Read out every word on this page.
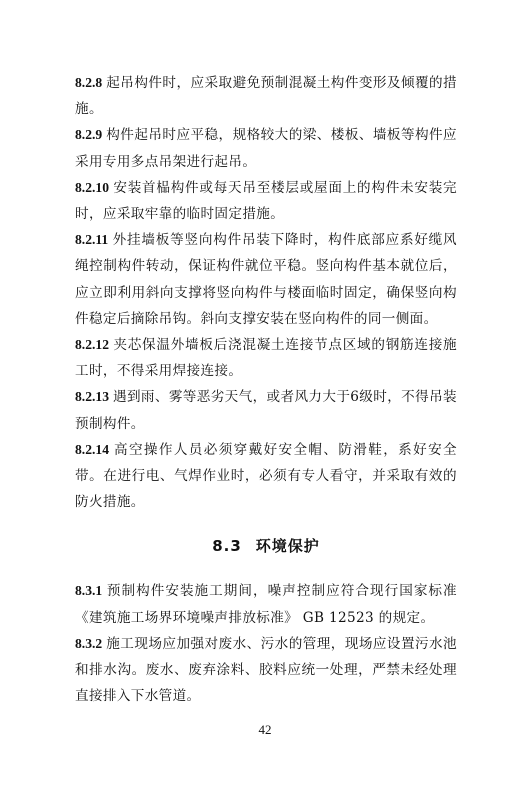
8.2.8 起吊构件时，应采取避免预制混凝土构件变形及倾覆的措施。

8.2.9 构件起吊时应平稳，规格较大的梁、楼板、墙板等构件应采用专用多点吊架进行起吊。

8.2.10 安装首榀构件或每天吊至楼层或屋面上的构件未安装完时，应采取牢靠的临时固定措施。

8.2.11 外挂墙板等竖向构件吊装下降时，构件底部应系好缆风绳控制构件转动，保证构件就位平稳。竖向构件基本就位后，应立即利用斜向支撑将竖向构件与楼面临时固定，确保竖向构件稳定后摘除吊钩。斜向支撑安装在竖向构件的同一侧面。

8.2.12 夹芯保温外墙板后浇混凝土连接节点区域的钢筋连接施工时，不得采用焊接连接。

8.2.13 遇到雨、雾等恶劣天气，或者风力大于6级时，不得吊装预制构件。

8.2.14 高空操作人员必须穿戴好安全帽、防滑鞋，系好安全带。在进行电、气焊作业时，必须有专人看守，并采取有效的防火措施。

8.3 环境保护

8.3.1 预制构件安装施工期间，噪声控制应符合现行国家标准《建筑施工场界环境噪声排放标准》 GB 12523 的规定。

8.3.2 施工现场应加强对废水、污水的管理，现场应设置污水池和排水沟。废水、废弃涂料、胶料应统一处理，严禁未经处理直接排入下水管道。

42
